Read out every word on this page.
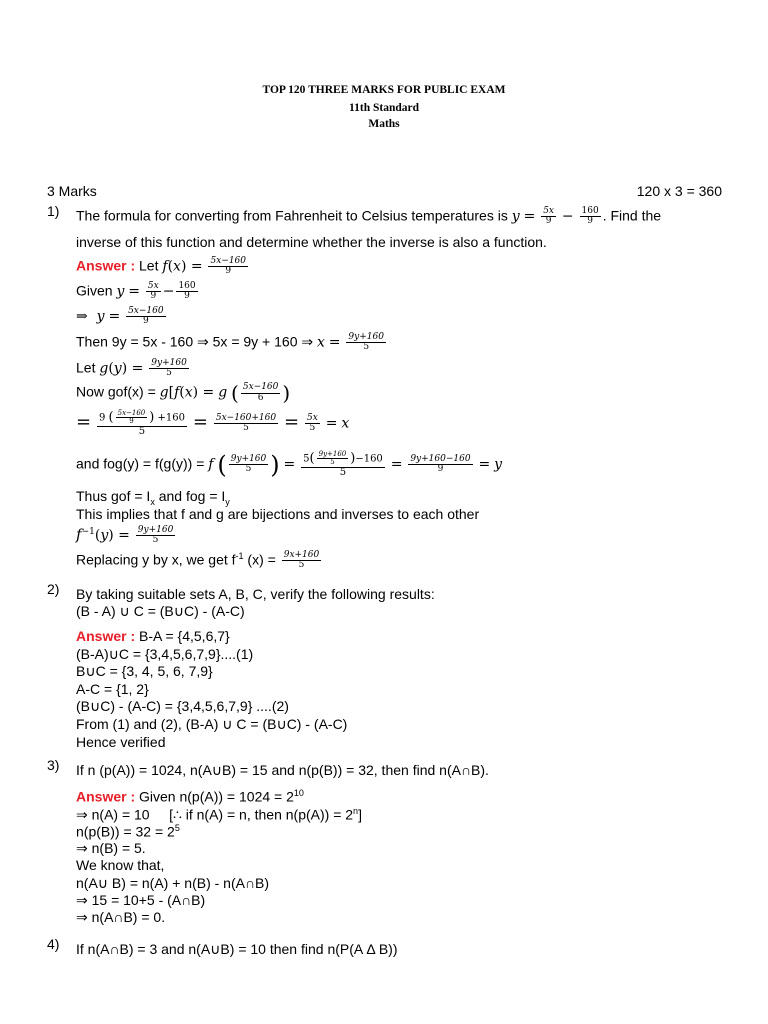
TOP 120 THREE MARKS FOR PUBLIC EXAM
11th Standard
Maths
3 Marks	120 x 3 = 360
1) The formula for converting from Fahrenheit to Celsius temperatures is $y = \frac{5x}{9} - \frac{160}{9}$ . Find the
inverse of this function and determine whether the inverse is also a function.
Answer : Let $f(x) = \frac{5x-160}{9}$
Given $y = \frac{5x}{9} - \frac{160}{9}$
⇒  $y = \frac{5x-160}{9}$
Then 9y = 5x - 160 ⇒ 5x = 9y + 160 ⇒ $x = \frac{9y+160}{5}$
Let $g(y) = \frac{9y+160}{5}$
Now gof(x) = g[f(x) = g ( $\frac{5x-160}{6}$ )
= $\frac{9 ( \frac{5x-160}{9} ) +160}{5} = \frac{5x-160+160}{5} = \frac{5x}{5} = x$
and fog(y) = f(g(y)) = f ( $\frac{9y+160}{5}$ ) = $\frac{5( \frac{9y+160}{5} )-160}{5} = \frac{9y+160-160}{9} = y$
Thus gof = $I_x$ and fog = $I_y$
This implies that f and g are bijections and inverses to each other
$f^{-1}(y) = \frac{9y+160}{5}$
Replacing y by x, we get $f^{-1}$ $(x) = \frac{9x+160}{5}$
2) By taking suitable sets A, B, C, verify the following results:
(B - A) ∪ C = (B∪C) - (A-C)
Answer : B-A = {4,5,6,7}
(B-A)∪C = {3,4,5,6,7,9}....(1)
B∪C = {3, 4, 5, 6, 7,9}
A-C = {1, 2}
(B∪C) - (A-C) = {3,4,5,6,7,9} ....(2)
From (1) and (2), (B-A) ∪ C = (B∪C) - (A-C)
Hence verified
3) If n (p(A)) = 1024, n(A∪B) = 15 and n(p(B)) = 32, then find n(A∩B).
Answer : Given $n(p(A)) = 1024 = 2^{10}$
⇒ n(A) = 10 [∴ if n(A) = n, then $n(p(A)) = 2^n$]
$n(p(B)) = 32 = 2^5$
⇒ n(B) = 5.
We know that,
n(A∪ B) = n(A) + n(B) - n(A∩B)
⇒ 15 = 10+5 - (A∩B)
⇒ n(A∩B) = 0.
4) If n(A∩B) = 3 and n(A∪B) = 10 then find n(P(A Δ B))
